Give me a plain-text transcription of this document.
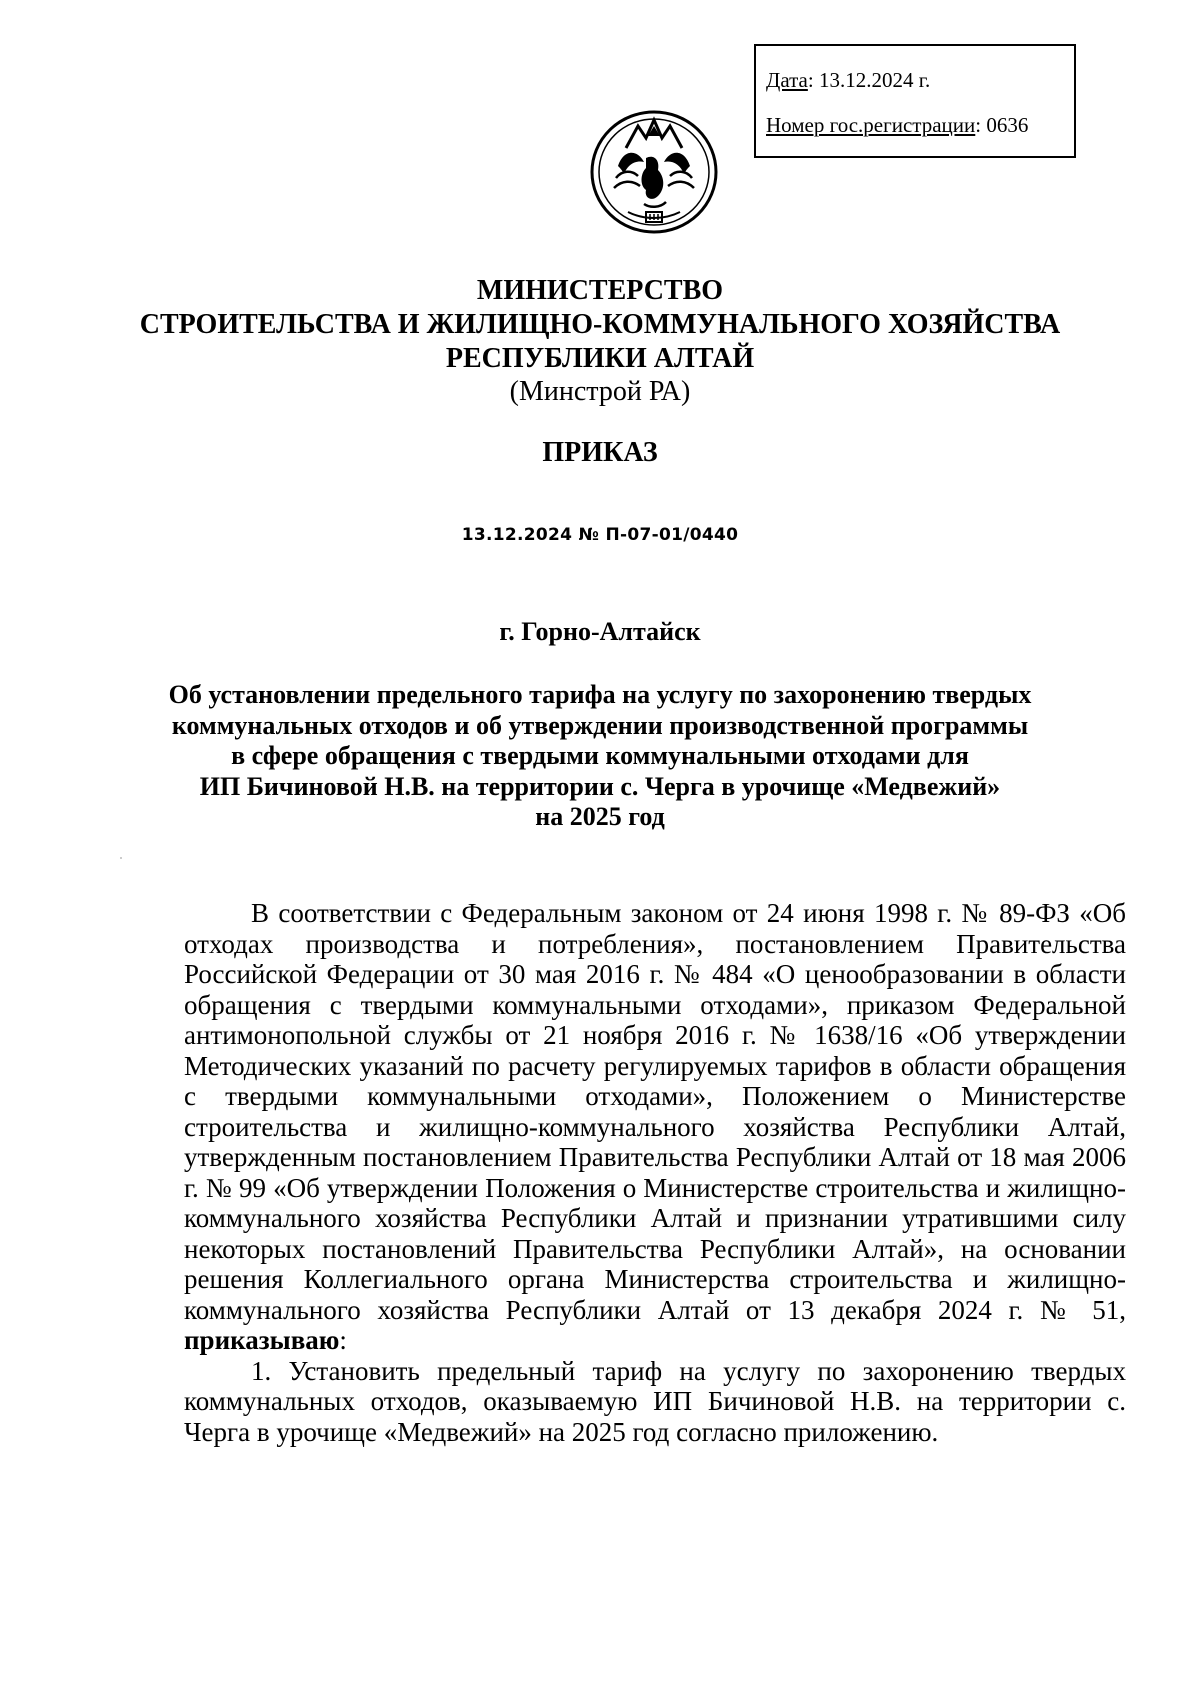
Дата: 13.12.2024 г.
Номер гос.регистрации: 0636
МИНИСТЕРСТВО
СТРОИТЕЛЬСТВА И ЖИЛИЩНО-КОММУНАЛЬНОГО ХОЗЯЙСТВА
РЕСПУБЛИКИ АЛТАЙ
(Минстрой РА)
ПРИКАЗ
13.12.2024 № П-07-01/0440
г. Горно-Алтайск
Об установлении предельного тарифа на услугу по захоронению твердых
коммунальных отходов и об утверждении производственной программы
в сфере обращения с твердыми коммунальными отходами для
ИП Бичиновой Н.В. на территории с. Черга в урочище «Медвежий»
на 2025 год

В соответствии с Федеральным законом от 24 июня 1998 г. № 89-ФЗ «Об отходах производства и потребления», постановлением Правительства Российской Федерации от 30 мая 2016 г. № 484 «О ценообразовании в области обращения с твердыми коммунальными отходами», приказом Федеральной антимонопольной службы от 21 ноября 2016 г. № 1638/16 «Об утверждении Методических указаний по расчету регулируемых тарифов в области обращения с твердыми коммунальными отходами», Положением о Министерстве строительства и жилищно-коммунального хозяйства Республики Алтай, утвержденным постановлением Правительства Республики Алтай от 18 мая 2006 г. № 99 «Об утверждении Положения о Министерстве строительства и жилищно-коммунального хозяйства Республики Алтай и признании утратившими силу некоторых постановлений Правительства Республики Алтай», на основании решения Коллегиального органа Министерства строительства и жилищно-коммунального хозяйства Республики Алтай от 13 декабря 2024 г. № 51, приказываю:

1. Установить предельный тариф на услугу по захоронению твердых коммунальных отходов, оказываемую ИП Бичиновой Н.В. на территории с. Черга в урочище «Медвежий» на 2025 год согласно приложению.
